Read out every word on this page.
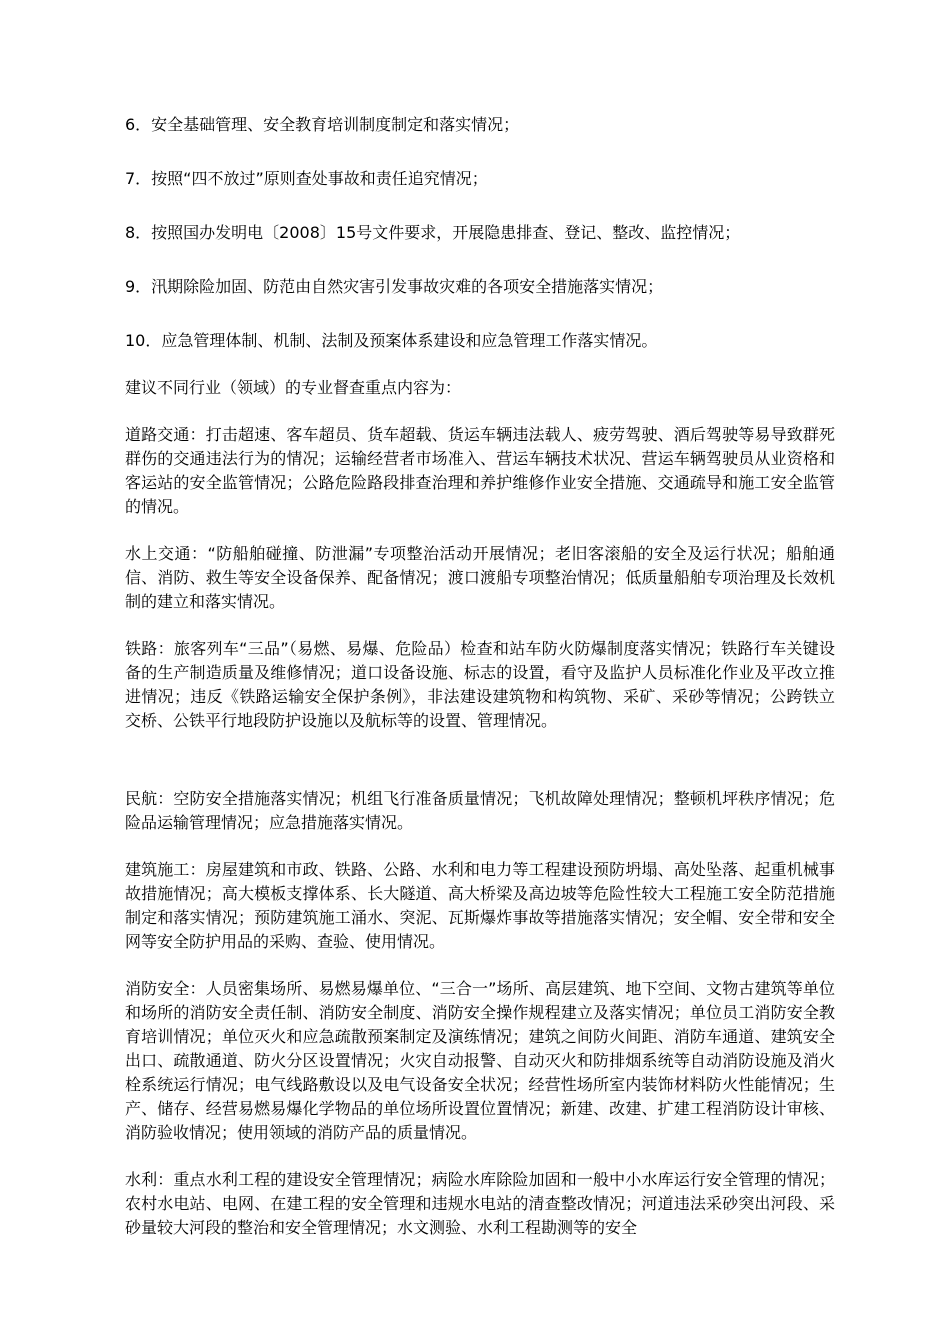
6．安全基础管理、安全教育培训制度制定和落实情况；
7．按照“四不放过”原则查处事故和责任追究情况；
8．按照国办发明电〔2008〕15号文件要求，开展隐患排查、登记、整改、监控情况；
9．汛期除险加固、防范由自然灾害引发事故灾难的各项安全措施落实情况；
10．应急管理体制、机制、法制及预案体系建设和应急管理工作落实情况。
建议不同行业（领域）的专业督查重点内容为：
道路交通：打击超速、客车超员、货车超载、货运车辆违法载人、疲劳驾驶、酒后驾驶等易导致群死群伤的交通违法行为的情况；运输经营者市场准入、营运车辆技术状况、营运车辆驾驶员从业资格和客运站的安全监管情况；公路危险路段排查治理和养护维修作业安全措施、交通疏导和施工安全监管的情况。
水上交通：“防船舶碰撞、防泄漏”专项整治活动开展情况；老旧客滚船的安全及运行状况；船舶通信、消防、救生等安全设备保养、配备情况；渡口渡船专项整治情况；低质量船舶专项治理及长效机制的建立和落实情况。
铁路：旅客列车“三品”（易燃、易爆、危险品）检查和站车防火防爆制度落实情况；铁路行车关键设备的生产制造质量及维修情况；道口设备设施、标志的设置，看守及监护人员标准化作业及平改立推进情况；违反《铁路运输安全保护条例》，非法建设建筑物和构筑物、采矿、采砂等情况；公跨铁立交桥、公铁平行地段防护设施以及航标等的设置、管理情况。
民航：空防安全措施落实情况；机组飞行准备质量情况；飞机故障处理情况；整顿机坪秩序情况；危险品运输管理情况；应急措施落实情况。
建筑施工：房屋建筑和市政、铁路、公路、水利和电力等工程建设预防坍塌、高处坠落、起重机械事故措施情况；高大模板支撑体系、长大隧道、高大桥梁及高边坡等危险性较大工程施工安全防范措施制定和落实情况；预防建筑施工涌水、突泥、瓦斯爆炸事故等措施落实情况；安全帽、安全带和安全网等安全防护用品的采购、查验、使用情况。
消防安全：人员密集场所、易燃易爆单位、“三合一”场所、高层建筑、地下空间、文物古建筑等单位和场所的消防安全责任制、消防安全制度、消防安全操作规程建立及落实情况；单位员工消防安全教育培训情况；单位灭火和应急疏散预案制定及演练情况；建筑之间防火间距、消防车通道、建筑安全出口、疏散通道、防火分区设置情况；火灾自动报警、自动灭火和防排烟系统等自动消防设施及消火栓系统运行情况；电气线路敷设以及电气设备安全状况；经营性场所室内装饰材料防火性能情况；生产、储存、经营易燃易爆化学物品的单位场所设置位置情况；新建、改建、扩建工程消防设计审核、消防验收情况；使用领域的消防产品的质量情况。
水利：重点水利工程的建设安全管理情况；病险水库除险加固和一般中小水库运行安全管理的情况；农村水电站、电网、在建工程的安全管理和违规水电站的清查整改情况；河道违法采砂突出河段、采砂量较大河段的整治和安全管理情况；水文测验、水利工程勘测等的安全
